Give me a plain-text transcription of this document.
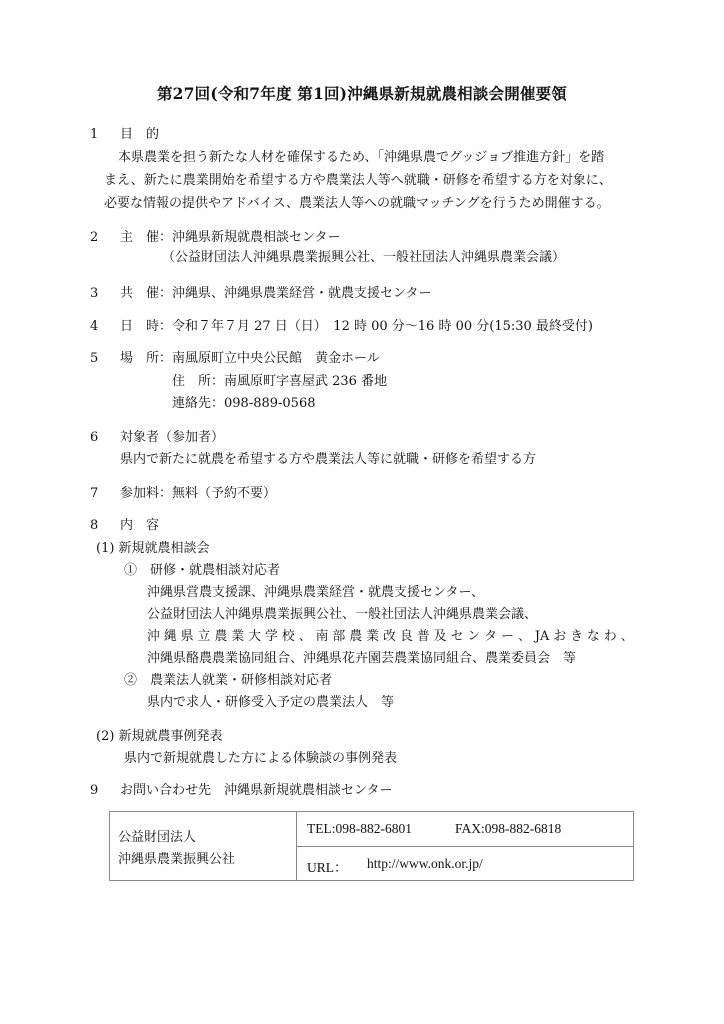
第27回(令和7年度 第1回)沖縄県新規就農相談会開催要領
1 目　的
本県農業を担う新たな人材を確保するため、「沖縄県農でグッジョブ推進方針」を踏
まえ、新たに農業開始を希望する方や農業法人等へ就職・研修を希望する方を対象に、
必要な情報の提供やアドバイス、農業法人等への就職マッチングを行うため開催する。
2 主　催：沖縄県新規就農相談センター
（公益財団法人沖縄県農業振興公社、一般社団法人沖縄県農業会議）
3 共　催：沖縄県、沖縄県農業経営・就農支援センター
4 日　時：令和７年７月 27 日（日）　12 時 00 分～16 時 00 分(15:30 最終受付)
5 場　所：南風原町立中央公民館　黄金ホール
住　所：南風原町字喜屋武 236 番地
連絡先：098-889-0568
6 対象者（参加者）
県内で新たに就農を希望する方や農業法人等に就職・研修を希望する方
7 参加料：無料（予約不要）
8 内　容
(1) 新規就農相談会
①　研修・就農相談対応者
沖縄県営農支援課、沖縄県農業経営・就農支援センター、
公益財団法人沖縄県農業振興公社、一般社団法人沖縄県農業会議、
沖 縄 県 立 農 業 大 学 校 、 南 部 農 業 改 良 普 及 セ ン タ ー 、 JA お き な わ 、
沖縄県酪農農業協同組合、沖縄県花卉園芸農業協同組合、農業委員会　等
②　農業法人就業・研修相談対応者
県内で求人・研修受入予定の農業法人　等
(2) 新規就農事例発表
県内で新規就農した方による体験談の事例発表
9 お問い合わせ先　沖縄県新規就農相談センター
公益財団法人
沖縄県農業振興公社
TEL:098-882-6801	FAX:098-882-6818
URL： http://www.onk.or.jp/
